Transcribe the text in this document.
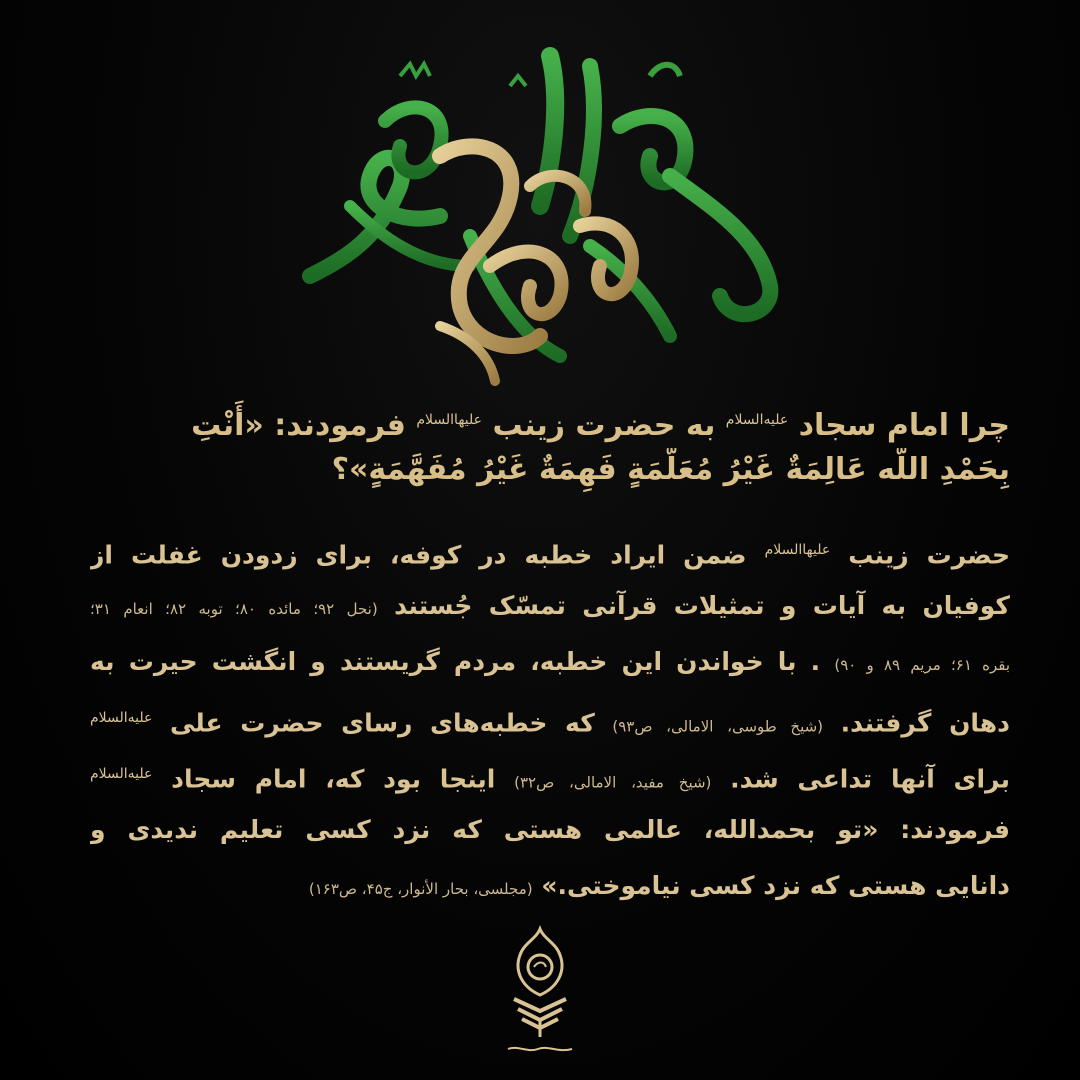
چرا امام سجاد $^{علیه‌السلام}$ به حضرت زینب $^{علیهاالسلام}$ فرمودند: «أَنْتِ
بِحَمْدِ اللّه عَالِمَةٌ غَیْرُ مُعَلَّمَةٍ فَهِمَةٌ غَیْرُ مُفَهَّمَةٍ»؟
حضرت زینب $^{علیهاالسلام}$ ضمن ایراد خطبه در کوفه، برای زدودن غفلت از
کوفیان به آیات و تمثیلات قرآنی تمسّک جُستند (نحل ۹۲؛ مائده ۸۰؛ توبه ۸۲؛ انعام ۳۱؛
بقره ۶۱؛ مریم ۸۹ و ۹۰) . با خواندن این خطبه، مردم گریستند و انگشت حیرت به
دهان گرفتند. (شیخ طوسی، الامالی، ص۹۳) که خطبه‌های رسای حضرت علی $^{علیه‌السلام}$
برای آنها تداعی شد. (شیخ مفید، الامالی، ص۳۲) اینجا بود که، امام سجاد $^{علیه‌السلام}$
فرمودند: «تو بحمدالله، عالمی هستی که نزد کسی تعلیم ندیدی و
دانایی هستی که نزد کسی نیاموختی.» (مجلسی، بحار الأنوار، ج۴۵، ص۱۶۳)
